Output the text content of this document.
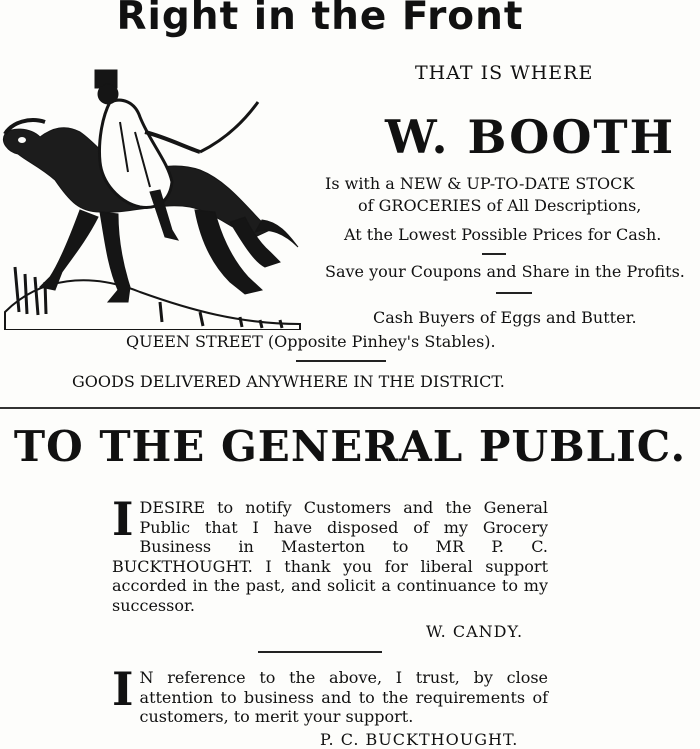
Right in the Front
THAT IS WHERE
W. BOOTH
Is with a NEW & UP-TO-DATE STOCK
of GROCERIES of All Descriptions,
At the Lowest Possible Prices for Cash.
Save your Coupons and Share in the Profits.
Cash Buyers of Eggs and Butter.
QUEEN STREET (Opposite Pinhey's Stables).
GOODS DELIVERED ANYWHERE IN THE DISTRICT.
TO THE GENERAL PUBLIC.
I DESIRE to notify Customers and the General Public that I have disposed of my Grocery Business in Masterton to MR P. C. BUCKTHOUGHT. I thank you for liberal support accorded in the past, and solicit a continuance to my successor.
W. CANDY.
I N reference to the above, I trust, by close attention to business and to the requirements of customers, to merit your support.
P. C. BUCKTHOUGHT.
